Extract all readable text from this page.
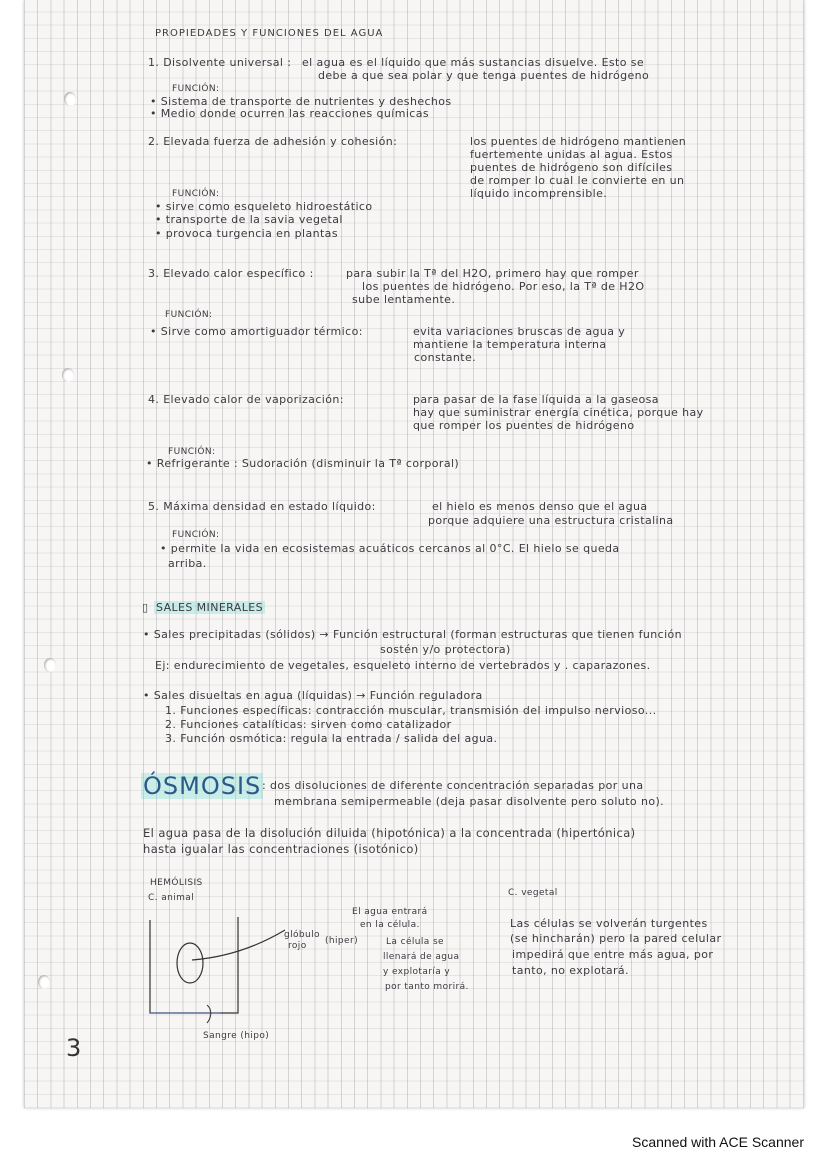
PROPIEDADES Y FUNCIONES DEL AGUA
1. Disolvente universal : el agua es el líquido que más sustancias disuelve. Esto se
debe a que sea polar y que tenga puentes de hidrógeno
FUNCIÓN:
• Sistema de transporte de nutrientes y deshechos
• Medio donde ocurren las reacciones químicas
2. Elevada fuerza de adhesión y cohesión:	los puentes de hidrógeno mantienen
fuertemente unidas al agua. Estos
puentes de hidrógeno son difíciles
de romper lo cual le convierte en un
líquido incomprensible.
FUNCIÓN:
• sirve como esqueleto hidroestático
• transporte de la savia vegetal
• provoca turgencia en plantas
3. Elevado calor específico :	para subir la Tª del H2O, primero hay que romper
los puentes de hidrógeno. Por eso, la Tª de H2O
sube lentamente.
FUNCIÓN:
• Sirve como amortiguador térmico:	evita variaciones bruscas de agua y
mantiene la temperatura interna
constante.
4. Elevado calor de vaporización:	para pasar de la fase líquida a la gaseosa
hay que suministrar energía cinética, porque hay
que romper los puentes de hidrógeno
FUNCIÓN:
• Refrigerante : Sudoración (disminuir la Tª corporal)
5. Máxima densidad en estado líquido:	el hielo es menos denso que el agua
porque adquiere una estructura cristalina
FUNCIÓN:
• permite la vida en ecosistemas acuáticos cercanos al 0°C. El hielo se queda
arriba.
▯ SALES MINERALES
• Sales precipitadas (sólidos) → Función estructural (forman estructuras que tienen función
sostén y/o protectora)
Ej: endurecimiento de vegetales, esqueleto interno de vertebrados y . caparazones.
• Sales disueltas en agua (líquidas) → Función reguladora
1. Funciones específicas: contracción muscular, transmisión del impulso nervioso...
2. Funciones catalíticas: sirven como catalizador
3. Función osmótica: regula la entrada / salida del agua.
ÓSMOSIS : dos disoluciones de diferente concentración separadas por una
membrana semipermeable (deja pasar disolvente pero soluto no).
El agua pasa de la disolución diluida (hipotónica) a la concentrada (hipertónica)
hasta igualar las concentraciones (isotónico)
HEMÓLISIS
C. animal
glóbulo
rojo (hiper)
Sangre (hipo)
El agua entrará
en la célula.
La célula se
llenará de agua
y explotaría y
por tanto morirá.
C. vegetal
Las células se volverán turgentes
(se hincharán) pero la pared celular
impedirá que entre más agua, por
tanto, no explotará.
3
Scanned with ACE Scanner
